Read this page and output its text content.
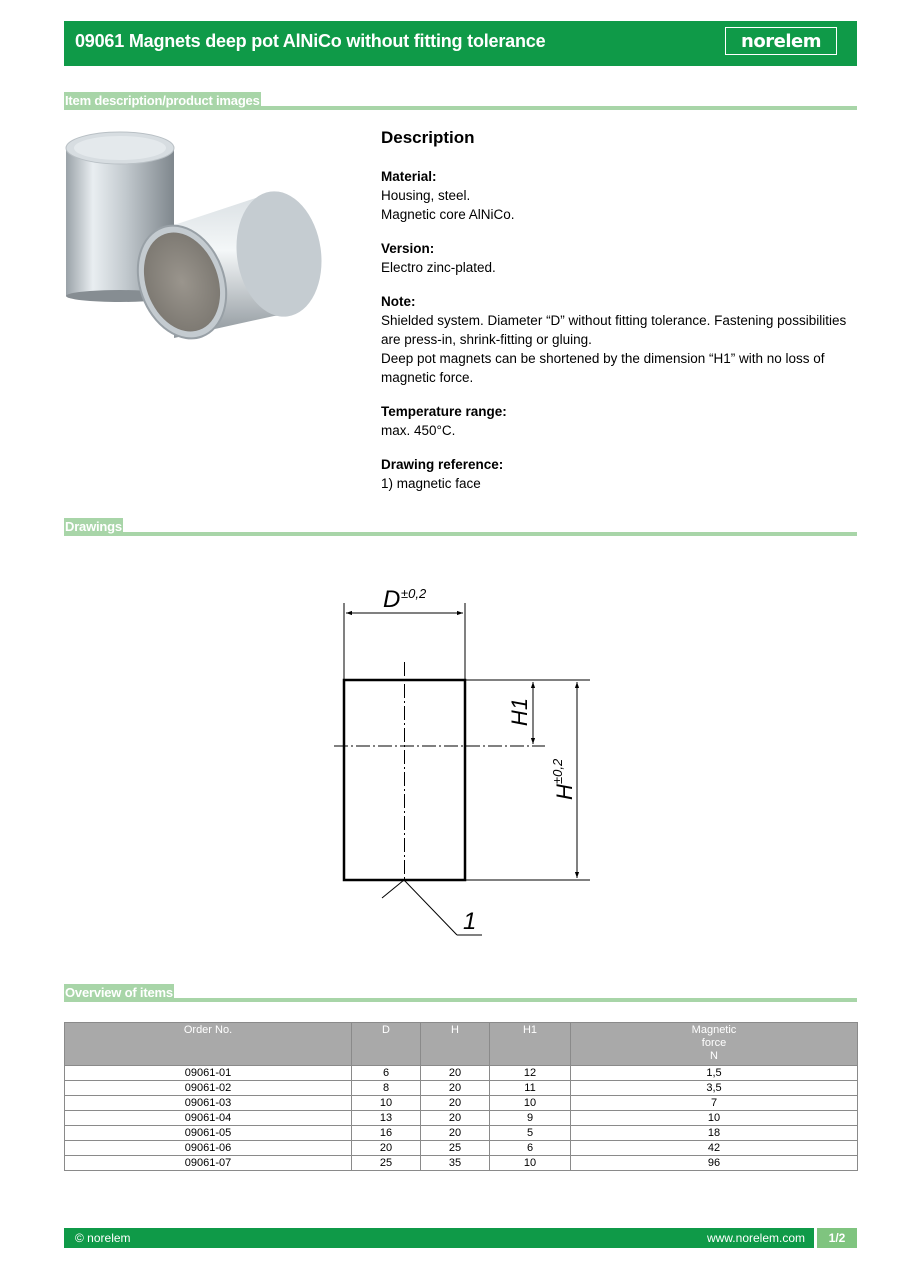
09061 Magnets deep pot AlNiCo without fitting tolerance	norelem
Item description/product images
Description
Material:
Housing, steel.
Magnetic core AlNiCo.
Version:
Electro zinc-plated.
Note:
Shielded system. Diameter “D” without fitting tolerance. Fastening possibilities are press-in, shrink-fitting or gluing.
Deep pot magnets can be shortened by the dimension “H1” with no loss of magnetic force.
Temperature range:
max. 450°C.
Drawing reference:
1) magnetic face
Drawings
D ±0,2
H1
H
±0,2
1
Overview of items
Order No.	D	H	H1	Magnetic
force
N
09061-01	6	20	12	1,5
09061-02	8	20	11	3,5
09061-03	10	20	10	7
09061-04	13	20	9	10
09061-05	16	20	5	18
09061-06	20	25	6	42
09061-07	25	35	10	96
© norelem	www.norelem.com	1/2
